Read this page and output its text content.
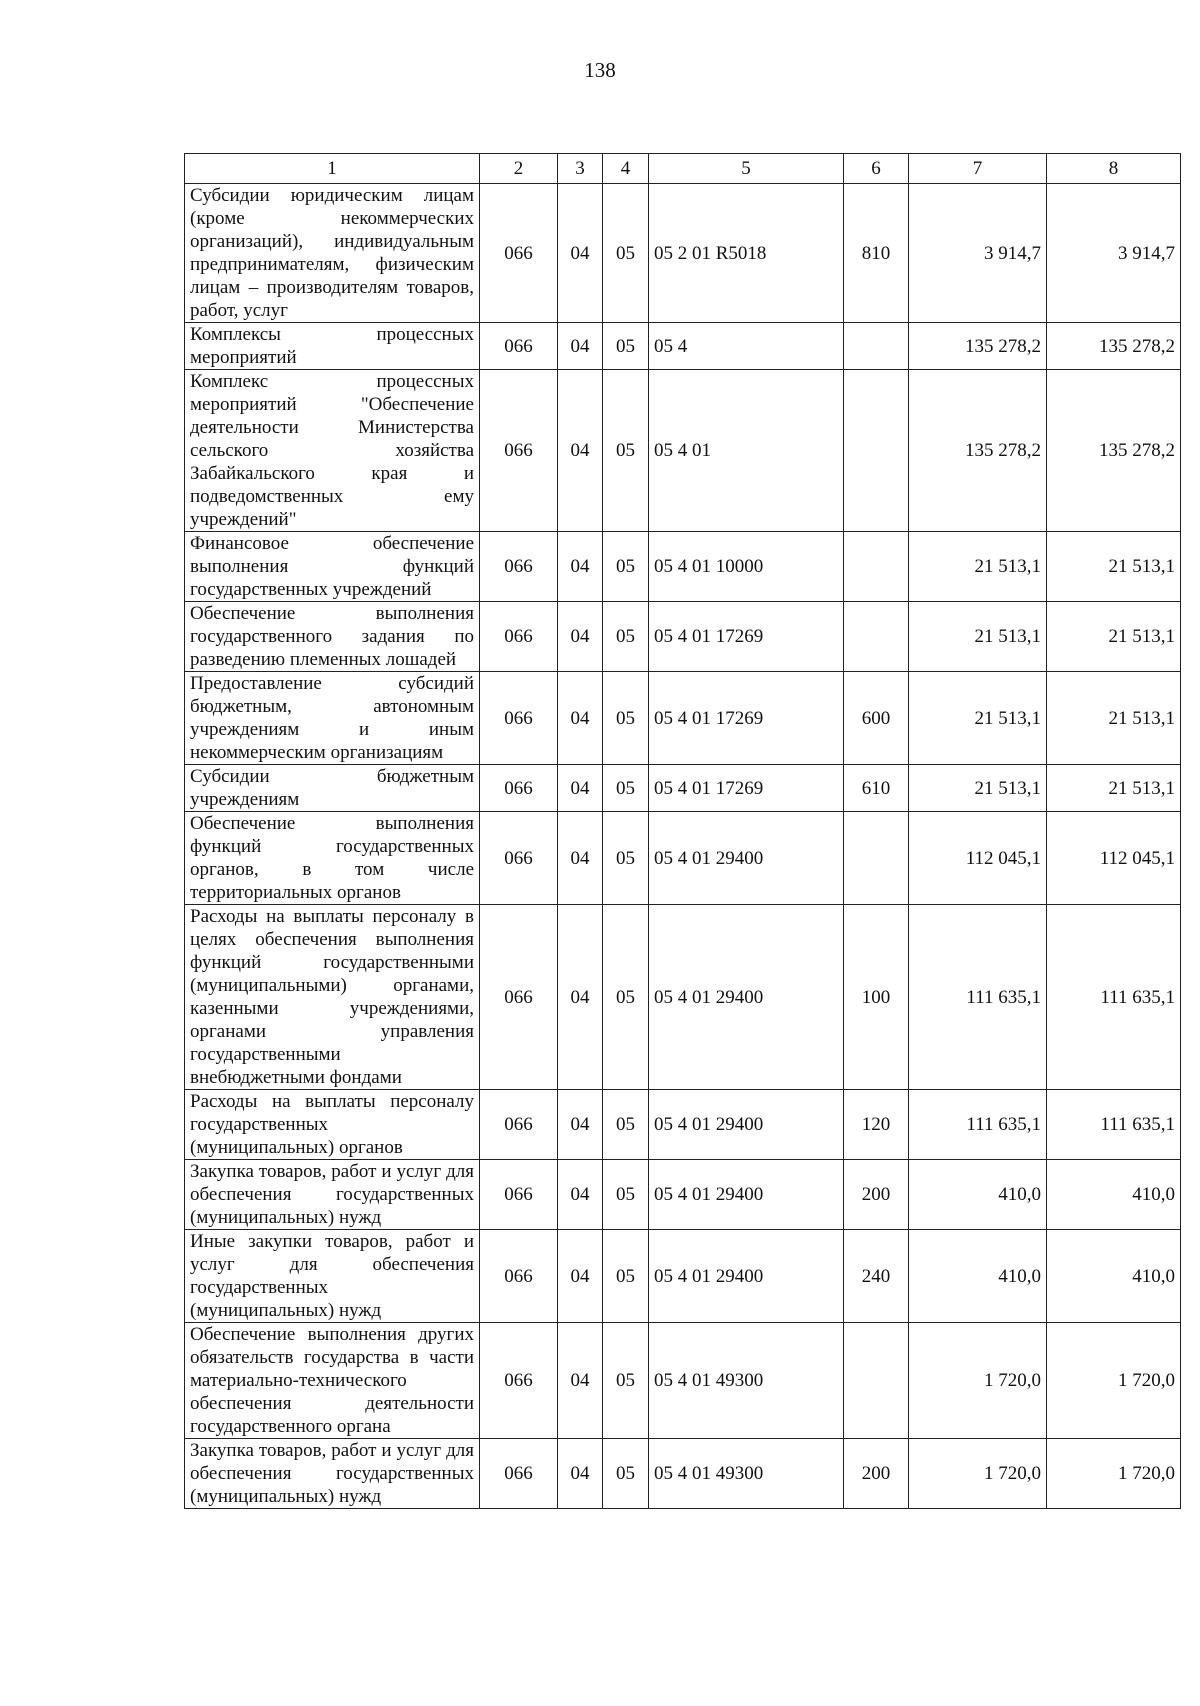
138
1	2	3	4	5	6	7	8
Субсидии юридическим лицам (кроме некоммерческих организаций), индивидуальным предпринимателям, физическим лицам – производителям товаров, работ, услуг	066	04	05	05 2 01 R5018	810	3 914,7	3 914,7
Комплексы процессных мероприятий	066	04	05	05 4		135 278,2	135 278,2
Комплекс процессных мероприятий "Обеспечение деятельности Министерства сельского хозяйства Забайкальского края и подведомственных ему учреждений"	066	04	05	05 4 01		135 278,2	135 278,2
Финансовое обеспечение выполнения функций государственных учреждений	066	04	05	05 4 01 10000		21 513,1	21 513,1
Обеспечение выполнения государственного задания по разведению племенных лошадей	066	04	05	05 4 01 17269		21 513,1	21 513,1
Предоставление субсидий бюджетным, автономным учреждениям и иным некоммерческим организациям	066	04	05	05 4 01 17269	600	21 513,1	21 513,1
Субсидии бюджетным учреждениям	066	04	05	05 4 01 17269	610	21 513,1	21 513,1
Обеспечение выполнения функций государственных органов, в том числе территориальных органов	066	04	05	05 4 01 29400		112 045,1	112 045,1
Расходы на выплаты персоналу в целях обеспечения выполнения функций государственными (муниципальными) органами, казенными учреждениями, органами управления государственными внебюджетными фондами	066	04	05	05 4 01 29400	100	111 635,1	111 635,1
Расходы на выплаты персоналу государственных (муниципальных) органов	066	04	05	05 4 01 29400	120	111 635,1	111 635,1
Закупка товаров, работ и услуг для обеспечения государственных (муниципальных) нужд	066	04	05	05 4 01 29400	200	410,0	410,0
Иные закупки товаров, работ и услуг для обеспечения государственных (муниципальных) нужд	066	04	05	05 4 01 29400	240	410,0	410,0
Обеспечение выполнения других обязательств государства в части материально-технического обеспечения деятельности государственного органа	066	04	05	05 4 01 49300		1 720,0	1 720,0
Закупка товаров, работ и услуг для обеспечения государственных (муниципальных) нужд	066	04	05	05 4 01 49300	200	1 720,0	1 720,0
